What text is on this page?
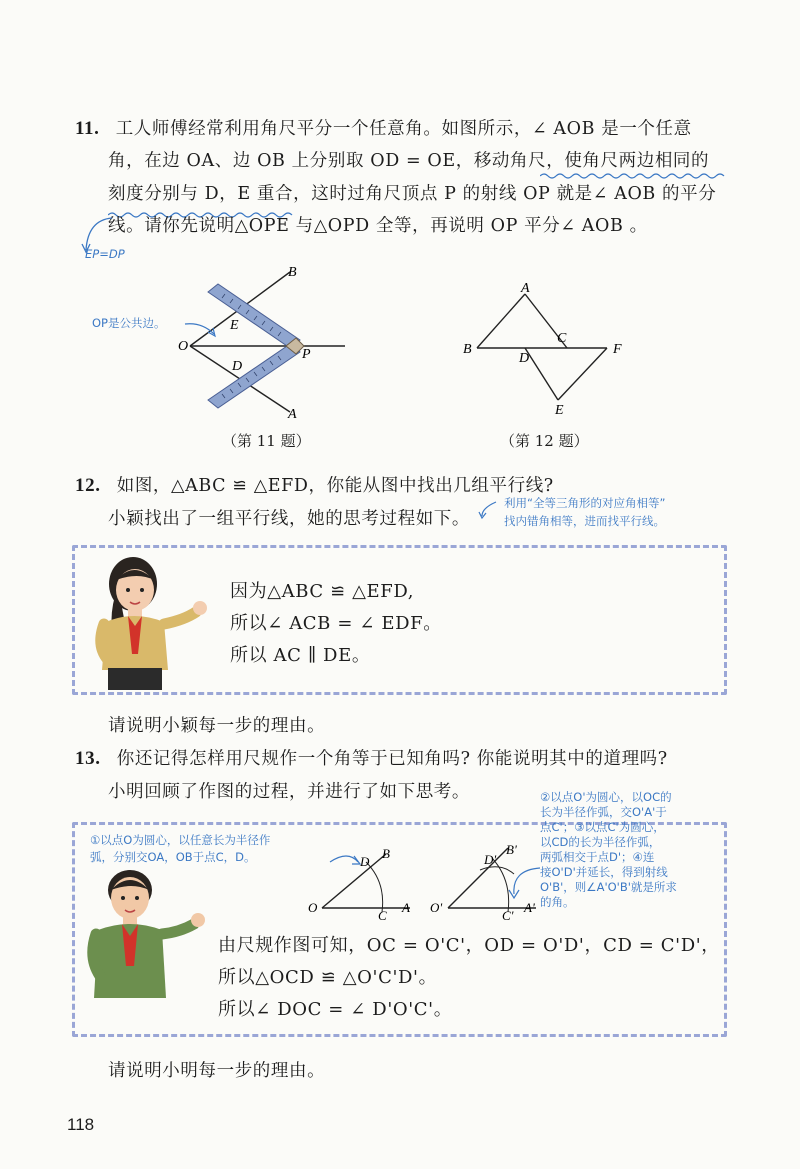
11. 工人师傅经常利用角尺平分一个任意角。如图所示，∠ AOB 是一个任意
角，在边 OA、边 OB 上分别取 OD = OE，移动角尺，使角尺两边相同的
刻度分别与 D，E 重合，这时过角尺顶点 P 的射线 OP 就是∠ AOB 的平分
线。请你先说明△OPE 与△OPD 全等，再说明 OP 平分∠ AOB 。
EP=DP
B
E
O
P
D
A
OP是公共边。
（第 11 题）
A
B
C
D
F
E
（第 12 题）
12. 如图，△ABC ≌ △EFD，你能从图中找出几组平行线?
小颖找出了一组平行线，她的思考过程如下。
利用“全等三角形的对应角相等”
找内错角相等，进而找平行线。
因为△ABC ≌ △EFD,
所以∠ ACB = ∠ EDF。
所以 AC ∥ DE。
请说明小颖每一步的理由。
13. 你还记得怎样用尺规作一个角等于已知角吗? 你能说明其中的道理吗?
小明回顾了作图的过程，并进行了如下思考。
①以点O为圆心，以任意长为半径作
弧，分别交OA，OB于点C，D。
②以点O'为圆心，以OC的
长为半径作弧，交O'A'于
点C'；③以点C'为圆心，
以CD的长为半径作弧，
两弧相交于点D'；④连
接O'D'并延长，得到射线
O'B'，则∠A'O'B'就是所求
的角。
O
D
B
C
A O'
D'
B'
C'
A'
由尺规作图可知，OC = O'C'，OD = O'D'，CD = C'D'，
所以△OCD ≌ △O'C'D'。
所以∠ DOC = ∠ D'O'C'。
请说明小明每一步的理由。
118
